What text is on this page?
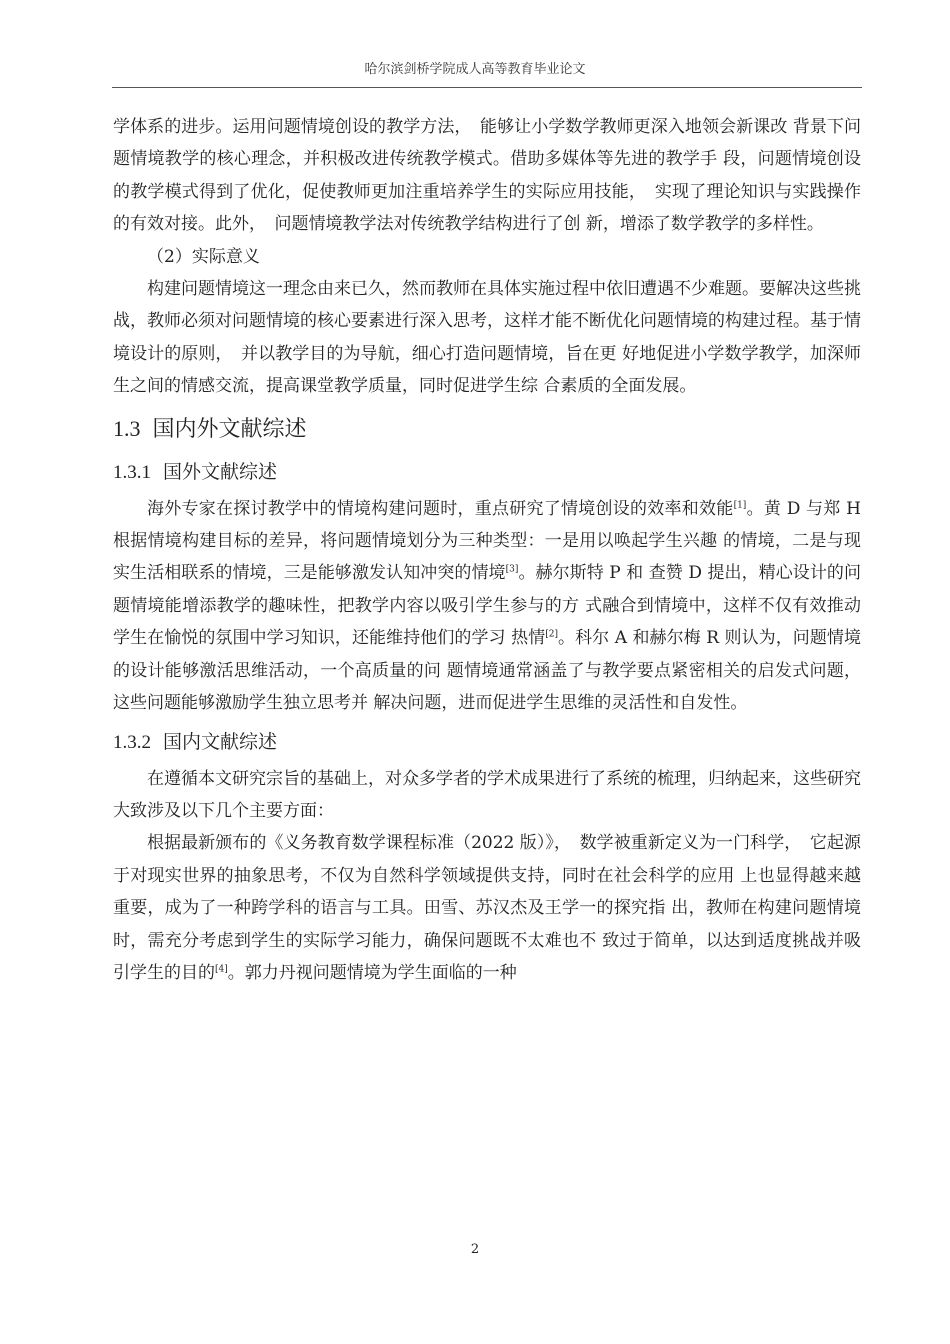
哈尔滨剑桥学院成人高等教育毕业论文

学体系的进步。运用问题情境创设的教学方法，　能够让小学数学教师更深入地领会新课改 背景下问题情境教学的核心理念，并积极改进传统教学模式。借助多媒体等先进的教学手 段，问题情境创设的教学模式得到了优化，促使教师更加注重培养学生的实际应用技能，　实现了理论知识与实践操作的有效对接。此外，　问题情境教学法对传统教学结构进行了创 新，增添了数学教学的多样性。

（2）实际意义

构建问题情境这一理念由来已久，然而教师在具体实施过程中依旧遭遇不少难题。要解决这些挑战，教师必须对问题情境的核心要素进行深入思考，这样才能不断优化问题情境的构建过程。基于情境设计的原则，　并以教学目的为导航，细心打造问题情境，旨在更 好地促进小学数学教学，加深师生之间的情感交流，提高课堂教学质量，同时促进学生综 合素质的全面发展。

1.3 国内外文献综述
1.3.1 国外文献综述

海外专家在探讨教学中的情境构建问题时，重点研究了情境创设的效率和效能[1]。黄 D 与郑 H 根据情境构建目标的差异，将问题情境划分为三种类型：一是用以唤起学生兴趣 的情境，二是与现实生活相联系的情境，三是能够激发认知冲突的情境[3]。赫尔斯特 P 和 查赞 D 提出，精心设计的问题情境能增添教学的趣味性，把教学内容以吸引学生参与的方 式融合到情境中，这样不仅有效推动学生在愉悦的氛围中学习知识，还能维持他们的学习 热情[2]。科尔 A 和赫尔梅 R 则认为，问题情境的设计能够激活思维活动，一个高质量的问 题情境通常涵盖了与教学要点紧密相关的启发式问题，这些问题能够激励学生独立思考并 解决问题，进而促进学生思维的灵活性和自发性。

1.3.2 国内文献综述

在遵循本文研究宗旨的基础上，对众多学者的学术成果进行了系统的梳理，归纳起来，这些研究大致涉及以下几个主要方面：

根据最新颁布的《义务教育数学课程标准（2022 版）》，　数学被重新定义为一门科学，　它起源于对现实世界的抽象思考，不仅为自然科学领域提供支持，同时在社会科学的应用 上也显得越来越重要，成为了一种跨学科的语言与工具。田雪、苏汉杰及王学一的探究指 出，教师在构建问题情境时，需充分考虑到学生的实际学习能力，确保问题既不太难也不 致过于简单，以达到适度挑战并吸引学生的目的[4]。郭力丹视问题情境为学生面临的一种

2
